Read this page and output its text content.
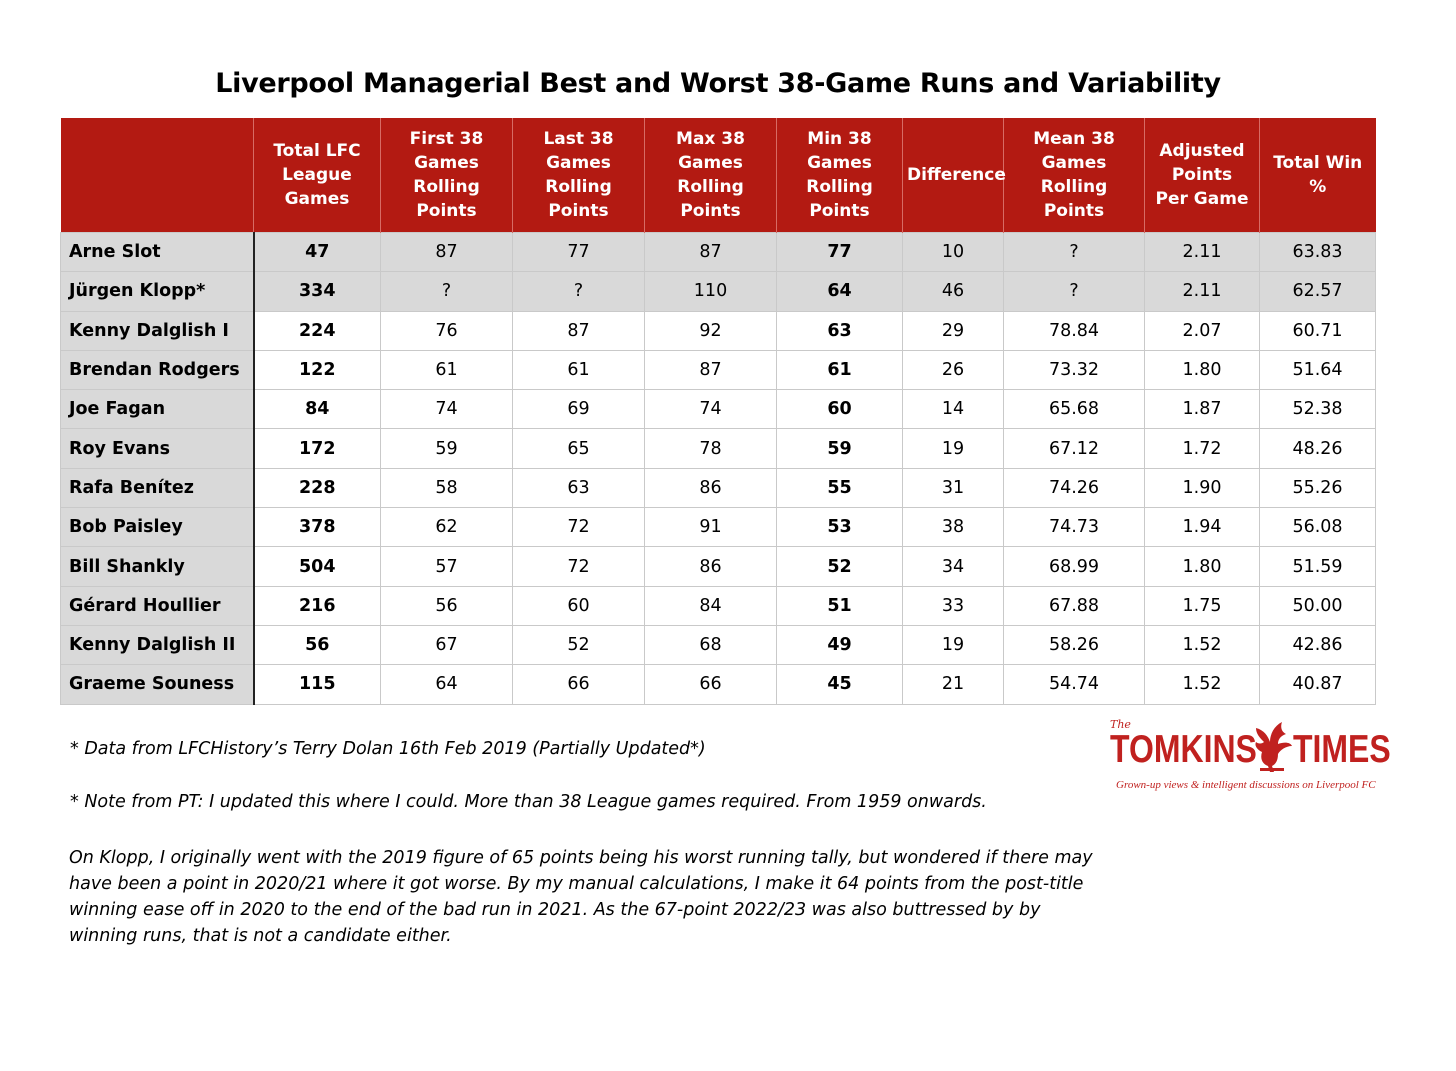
Liverpool Managerial Best and Worst 38-Game Runs and Variability

	Total LFC League Games	First 38 Games Rolling Points	Last 38 Games Rolling Points	Max 38 Games Rolling Points	Min 38 Games Rolling Points	Difference	Mean 38 Games Rolling Points	Adjusted Points Per Game	Total Win %
Arne Slot	47	87	77	87	77	10	?	2.11	63.83
Jürgen Klopp*	334	?	?	110	64	46	?	2.11	62.57
Kenny Dalglish I	224	76	87	92	63	29	78.84	2.07	60.71
Brendan Rodgers	122	61	61	87	61	26	73.32	1.80	51.64
Joe Fagan	84	74	69	74	60	14	65.68	1.87	52.38
Roy Evans	172	59	65	78	59	19	67.12	1.72	48.26
Rafa Benítez	228	58	63	86	55	31	74.26	1.90	55.26
Bob Paisley	378	62	72	91	53	38	74.73	1.94	56.08
Bill Shankly	504	57	72	86	52	34	68.99	1.80	51.59
Gérard Houllier	216	56	60	84	51	33	67.88	1.75	50.00
Kenny Dalglish II	56	67	52	68	49	19	58.26	1.52	42.86
Graeme Souness	115	64	66	66	45	21	54.74	1.52	40.87
* Data from LFCHistory’s Terry Dolan 16th Feb 2019 (Partially Updated*)
* Note from PT: I updated this where I could. More than 38 League games required. From 1959 onwards.
On Klopp, I originally went with the 2019 figure of 65 points being his worst running tally, but wondered if there may have been a point in 2020/21 where it got worse. By my manual calculations, I make it 64 points from the post-title winning ease off in 2020 to the end of the bad run in 2021. As the 67-point 2022/23 was also buttressed by by winning runs, that is not a candidate either.
The
TOMKINS TIMES
Grown-up views & intelligent discussions on Liverpool FC
